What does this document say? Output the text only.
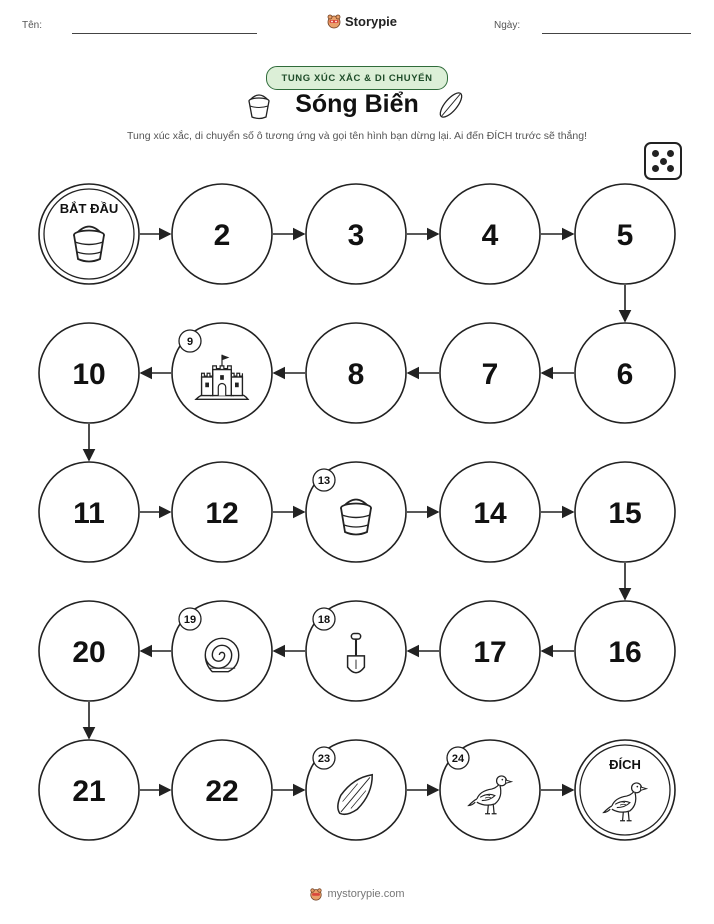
Tên:	Storypie	Ngày:
TUNG XÚC XẮC & DI CHUYỂN
Sóng Biển
Tung xúc xắc, di chuyển số ô tương ứng và gọi tên hình bạn dừng lại. Ai đến ĐÍCH trước sẽ thắng!
BẮT ĐẦU
2	3	4	5
6
7
8
9
10
11	12
13
14	15
16
17
18
19
20
21	22
23	24	ĐÍCH
mystorypie.com
